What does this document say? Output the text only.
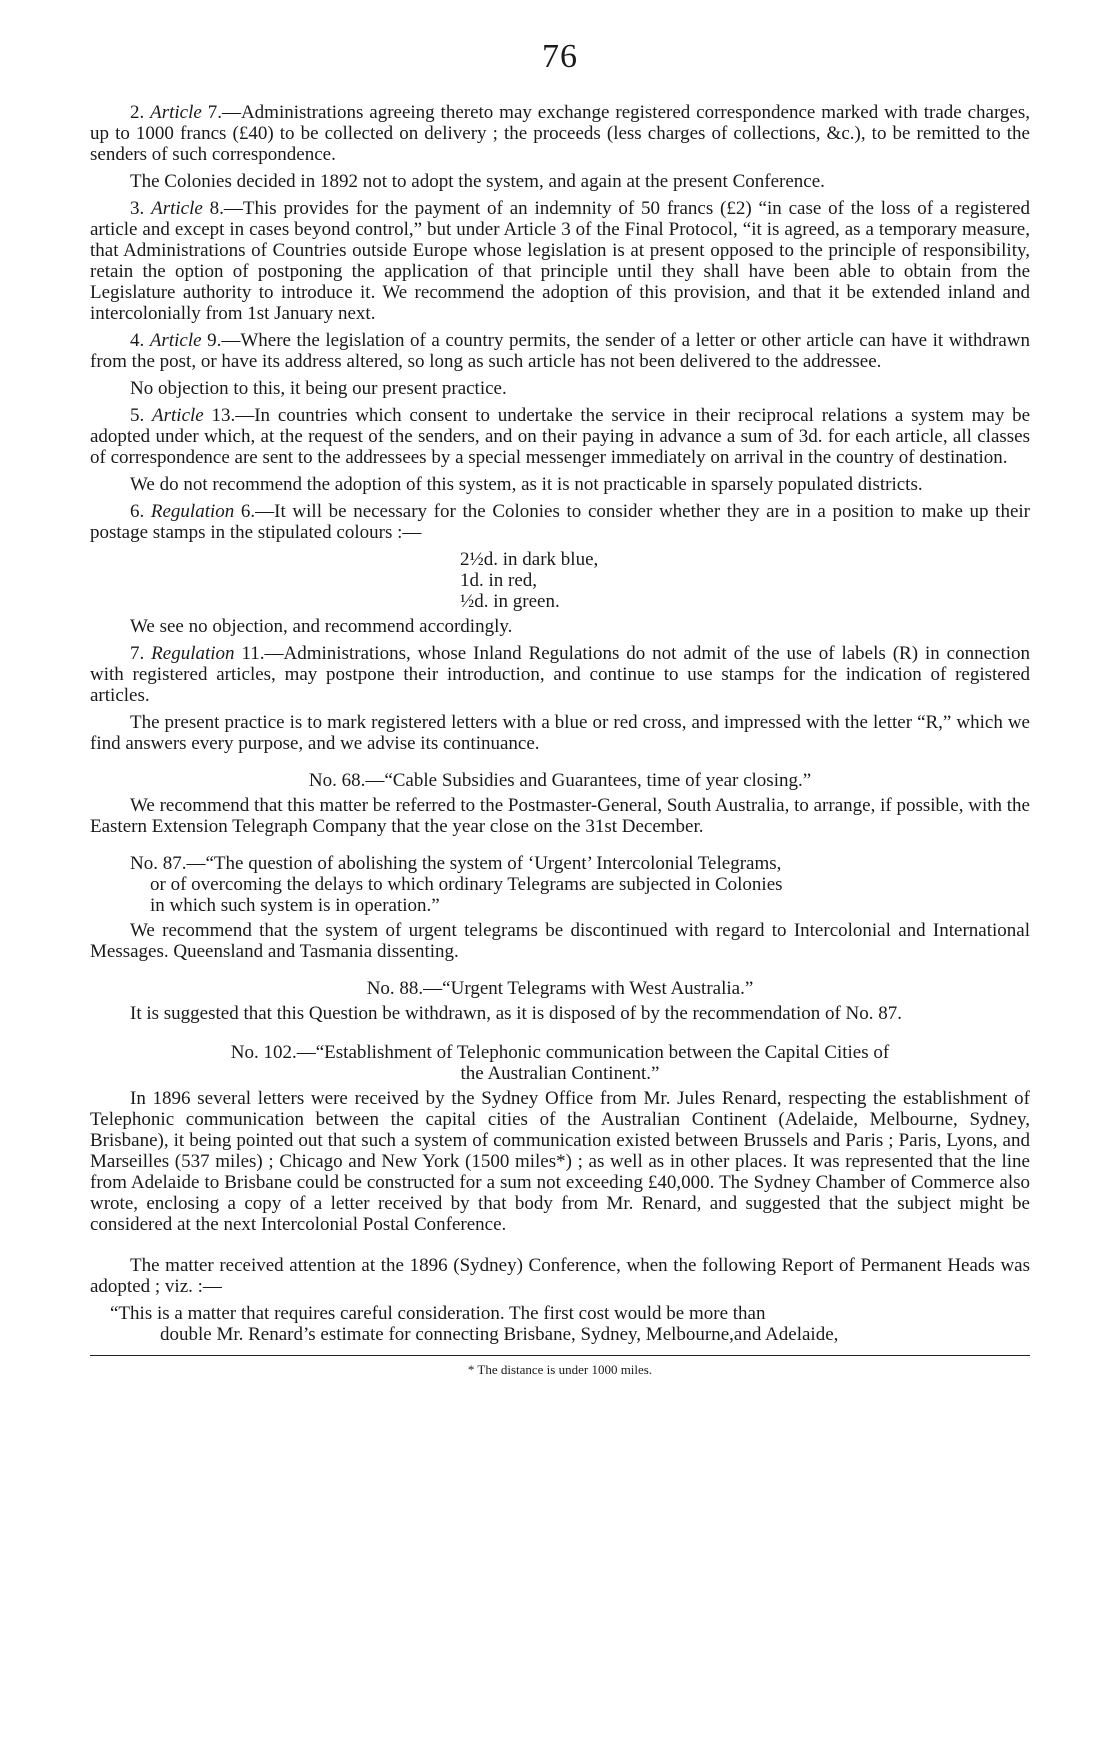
76

2. Article 7.—Administrations agreeing thereto may exchange registered correspondence marked with trade charges, up to 1000 francs (£40) to be collected on delivery ; the proceeds (less charges of collections, &c.), to be remitted to the senders of such correspondence.

The Colonies decided in 1892 not to adopt the system, and again at the present Conference.

3. Article 8.—This provides for the payment of an indemnity of 50 francs (£2) “in case of the loss of a registered article and except in cases beyond control,” but under Article 3 of the Final Protocol, “it is agreed, as a temporary measure, that Administrations of Countries outside Europe whose legislation is at present opposed to the principle of responsibility, retain the option of postponing the application of that principle until they shall have been able to obtain from the Legislature authority to introduce it. We recommend the adoption of this provision, and that it be extended inland and intercolonially from 1st January next.

4. Article 9.—Where the legislation of a country permits, the sender of a letter or other article can have it withdrawn from the post, or have its address altered, so long as such article has not been delivered to the addressee.

No objection to this, it being our present practice.

5. Article 13.—In countries which consent to undertake the service in their reciprocal relations a system may be adopted under which, at the request of the senders, and on their paying in advance a sum of 3d. for each article, all classes of correspondence are sent to the addressees by a special messenger immediately on arrival in the country of destination.

We do not recommend the adoption of this system, as it is not practicable in sparsely populated districts.

6. Regulation 6.—It will be necessary for the Colonies to consider whether they are in a position to make up their postage stamps in the stipulated colours :—

2½d. in dark blue,
1d. in red,
½d. in green.

We see no objection, and recommend accordingly.

7. Regulation 11.—Administrations, whose Inland Regulations do not admit of the use of labels (R) in connection with registered articles, may postpone their introduction, and continue to use stamps for the indication of registered articles.

The present practice is to mark registered letters with a blue or red cross, and impressed with the letter “R,” which we find answers every purpose, and we advise its continuance.

No. 68.—“Cable Subsidies and Guarantees, time of year closing.”

We recommend that this matter be referred to the Postmaster-General, South Australia, to arrange, if possible, with the Eastern Extension Telegraph Company that the year close on the 31st December.

No. 87.—“The question of abolishing the system of ‘Urgent’ Intercolonial Telegrams,
or of overcoming the delays to which ordinary Telegrams are subjected in Colonies
in which such system is in operation.”

We recommend that the system of urgent telegrams be discontinued with regard to Intercolonial and International Messages. Queensland and Tasmania dissenting.

No. 88.—“Urgent Telegrams with West Australia.”

It is suggested that this Question be withdrawn, as it is disposed of by the recommendation of No. 87.

No. 102.—“Establishment of Telephonic communication between the Capital Cities of
the Australian Continent.”

In 1896 several letters were received by the Sydney Office from Mr. Jules Renard, respecting the establishment of Telephonic communication between the capital cities of the Australian Continent (Adelaide, Melbourne, Sydney, Brisbane), it being pointed out that such a system of communication existed between Brussels and Paris ; Paris, Lyons, and Marseilles (537 miles) ; Chicago and New York (1500 miles*) ; as well as in other places. It was represented that the line from Adelaide to Brisbane could be constructed for a sum not exceeding £40,000. The Sydney Chamber of Commerce also wrote, enclosing a copy of a letter received by that body from Mr. Renard, and suggested that the subject might be considered at the next Intercolonial Postal Conference.

The matter received attention at the 1896 (Sydney) Conference, when the following Report of Permanent Heads was adopted ; viz. :—

“This is a matter that requires careful consideration. The first cost would be more than
double Mr. Renard’s estimate for connecting Brisbane, Sydney, Melbourne,and Adelaide,
* The distance is under 1000 miles.
